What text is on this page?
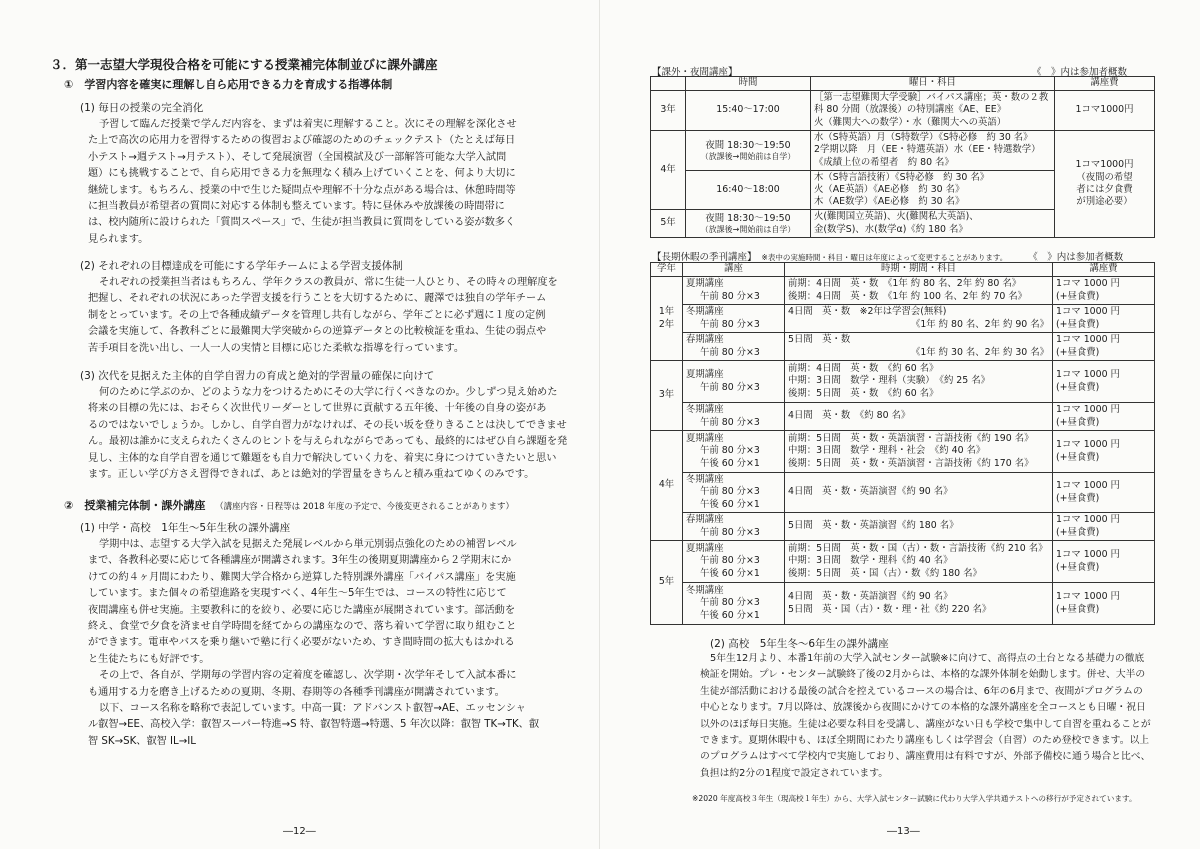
３．第一志望大学現役合格を可能にする授業補完体制並びに課外講座
①　学習内容を確実に理解し自ら応用できる力を育成する指導体制
(1) 毎日の授業の完全消化
予習して臨んだ授業で学んだ内容を、まずは着実に理解すること。次にその理解を深化させ
た上で高次の応用力を習得するための復習および確認のためのチェックテスト（たとえば毎日
小テスト→週テスト→月テスト）、そして発展演習（全国模試及び一部解答可能な大学入試問
題）にも挑戦することで、自ら応用できる力を無理なく積み上げていくことを、何より大切に
継続します。もちろん、授業の中で生じた疑問点や理解不十分な点がある場合は、休憩時間等
に担当教員が希望者の質問に対応する体制も整えています。特に昼休みや放課後の時間帯に
は、校内随所に設けられた「質問スペース」で、生徒が担当教員に質問をしている姿が数多く
見られます。
(2) それぞれの目標達成を可能にする学年チームによる学習支援体制
それぞれの授業担当者はもちろん、学年クラスの教員が、常に生徒一人ひとり、その時々の理解度を
把握し、それぞれの状況にあった学習支援を行うことを大切するために、麗澤では独自の学年チーム
制をとっています。その上で各種成績データを管理し共有しながら、学年ごとに必ず週に１度の定例
会議を実施して、各教科ごとに最難関大学突破からの逆算データとの比較検証を重ね、生徒の弱点や
苦手項目を洗い出し、一人一人の実情と目標に応じた柔軟な指導を行っています。
(3) 次代を見据えた主体的自学自習力の育成と絶対的学習量の確保に向けて
何のために学ぶのか、どのような力をつけるためにその大学に行くべきなのか。少しずつ見え始めた
将来の目標の先には、おそらく次世代リーダーとして世界に貢献する五年後、十年後の自身の姿があ
るのではないでしょうか。しかし、自学自習力がなければ、その長い坂を登りきることは決してできませ
ん。最初は誰かに支えられたくさんのヒントを与えられながらであっても、最終的にはぜひ自ら課題を発
見し、主体的な自学自習を通じて難題をも自力で解決していく力を、着実に身につけていきたいと思い
ます。正しい学び方さえ習得できれば、あとは絶対的学習量をきちんと積み重ねてゆくのみです。
②　授業補完体制・課外講座 （講座内容・日程等は 2018 年度の予定で、今後変更されることがあります）
(1) 中学・高校　1年生～5年生秋の課外講座
学期中は、志望する大学入試を見据えた発展レベルから単元別弱点強化のための補習レベル
まで、各教科必要に応じて各種講座が開講されます。3年生の後期夏期講座から２学期末にか
けての約４ヶ月間にわたり、難関大学合格から逆算した特別課外講座「バイパス講座」を実施
しています。また個々の希望進路を実現すべく、4年生～5年生では、コースの特性に応じて
夜間講座も併せ実施。主要教科に的を絞り、必要に応じた講座が展開されています。部活動を
終え、食堂で夕食を済ませ自学時間を経てからの講座なので、落ち着いて学習に取り組むこと
ができます。電車やバスを乗り継いで塾に行く必要がないため、すき間時間の拡大もはかれる
と生徒たちにも好評です。
その上で、各自が、学期毎の学習内容の定着度を確認し、次学期・次学年そして入試本番に
も通用する力を磨き上げるための夏期、冬期、春期等の各種季刊講座が開講されています。
以下、コース名称を略称で表記しています。中高一貫：アドバンスト叡智→AE、エッセンシャ
ル叡智→EE、高校入学：叡智スーパー特進→S 特、叡智特選→特選、5 年次以降：叡智 TK→TK、叡
智 SK→SK、叡智 IL→IL
―12―
【課外・夜間講座】	《　》内は参加者概数
	時間	曜日・科目	講座費
3年	15:40～17:00	［第一志望難関大学受験］バイパス講座；英・数の２教
科 80 分間（放課後）の特別講座《AE、EE》
火（難関大への数学）・水（難関大への英語）	1コマ1000円
4年	夜間 18:30～19:50
（放課後→開始前は自学）	水（S特英語）月（S特数学）《S特必修　約 30 名》
2学期以降　月（EE・特選英語）水（EE・特選数学）
《成績上位の希望者　約 80 名》	1コマ1000円
（夜間の希望
者には夕食費
が別途必要）

	16:40～18:00	木（S特言語技術）《S特必修　約 30 名》
火（AE英語）《AE必修　約 30 名》
木（AE数学）《AE必修　約 30 名》	

5年	夜間 18:30～19:50
（放課後→開始前は自学）	火(難関国立英語)、火(難関私大英語)、
金(数学S)、水(数学α)《約 180 名》	
【長期休暇の季刊講座】 ※表中の実施時間・科目・曜日は年度によって変更することがあります。 《　》内は参加者概数
学年	講座	時期・期間・科目	講座費

1年
2年	夏期講座
午前 80 分×3	前期：4日間　英・数　《1年 約 80 名、2年 約 80 名》
後期：4日間　英・数　《1年 約 100 名、2年 約 70 名》	1コマ 1000 円
(+昼食費)

	冬期講座
午前 80 分×3	4日間　英・数　※2年は学習会(無料)
《1年 約 80 名、2年 約 90 名》	1コマ 1000 円
(+昼食費)

	春期講座
午前 80 分×3	5日間　英・数
《1年 約 30 名、2年 約 30 名》	1コマ 1000 円
(+昼食費)

3年	夏期講座
午前 80 分×3	前期：4日間　英・数　《約 60 名》
中期：3日間　数学・理科（実験）　《約 25 名》
後期：5日間　英・数　《約 60 名》	1コマ 1000 円
(+昼食費)

	冬期講座
午前 80 分×3	4日間　英・数　《約 80 名》	1コマ 1000 円
(+昼食費)

4年	夏期講座
午前 80 分×3
午後 60 分×1	前期：5日間　英・数・英語演習・言語技術《約 190 名》
中期：3日間　数学・理科・社会　《約 40 名》
後期：5日間　英・数・英語演習・言語技術《約 170 名》	1コマ 1000 円
(+昼食費)

	冬期講座
午前 80 分×3
午後 60 分×1	4日間　英・数・英語演習《約 90 名》	1コマ 1000 円
(+昼食費)

	春期講座
午前 80 分×3	5日間　英・数・英語演習《約 180 名》	1コマ 1000 円
(+昼食費)

5年	夏期講座
午前 80 分×3
午後 60 分×1	前期：5日間　英・数・国（古）・数・言語技術《約 210 名》
中期：3日間　数学・理科《約 40 名》
後期：5日間　英・国（古）・数《約 180 名》	1コマ 1000 円
(+昼食費)

	冬期講座
午前 80 分×3
午後 60 分×1	4日間　英・数・英語演習《約 90 名》
5日間　英・国（古）・数・理・社《約 220 名》	1コマ 1000 円
(+昼食費)
(2) 高校　5年生冬～6年生の課外講座
5年生12月より、本番1年前の大学入試センター試験※に向けて、高得点の土台となる基礎力の徹底
検証を開始。プレ・センター試験終了後の2月からは、本格的な課外体制を始動します。併せ、大半の
生徒が部活動における最後の試合を控えているコースの場合は、6年の6月まで、夜間がプログラムの
中心となります。7月以降は、放課後から夜間にかけての本格的な課外講座を全コースとも日曜・祝日
以外のほぼ毎日実施。生徒は必要な科目を受講し、講座がない日も学校で集中して自習を重ねることが
できます。夏期休暇中も、ほぼ全期間にわたり講座もしくは学習会（自習）のため登校できます。以上
のプログラムはすべて学校内で実施しており、講座費用は有料ですが、外部予備校に通う場合と比べ、
負担は約2分の1程度で設定されています。
※2020 年度高校３年生（現高校１年生）から、大学入試センター試験に代わり大学入学共通テストへの移行が予定されています。
―13―
